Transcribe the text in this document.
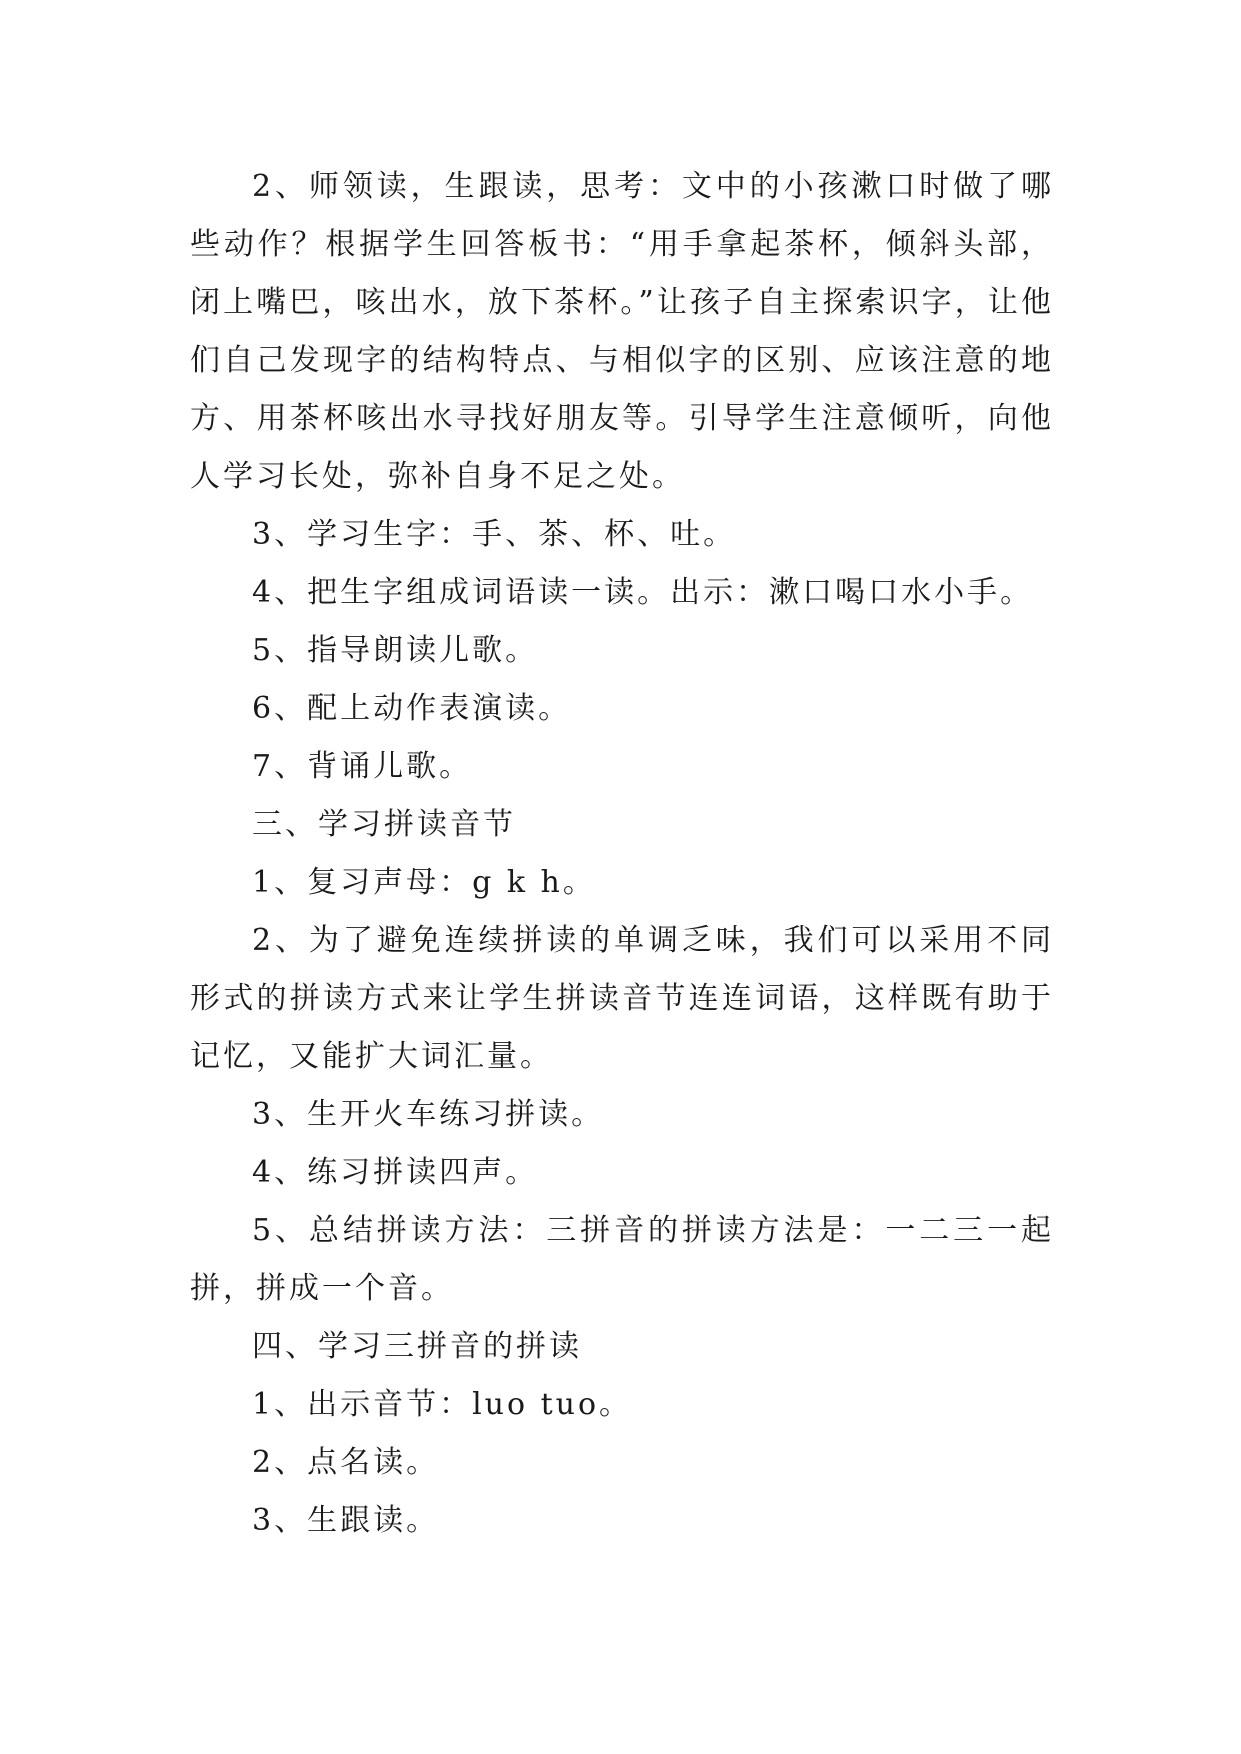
2、师领读，生跟读，思考：文中的小孩漱口时做了哪些动作？根据学生回答板书：“用手拿起茶杯，倾斜头部，闭上嘴巴，咳出水，放下茶杯。”让孩子自主探索识字，让他们自己发现字的结构特点、与相似字的区别、应该注意的地方、用茶杯咳出水寻找好朋友等。引导学生注意倾听，向他人学习长处，弥补自身不足之处。

3、学习生字：手、茶、杯、吐。

4、把生字组成词语读一读。出示：漱口喝口水小手。

5、指导朗读儿歌。

6、配上动作表演读。

7、背诵儿歌。

三、学习拼读音节

1、复习声母：g k h。

2、为了避免连续拼读的单调乏味，我们可以采用不同形式的拼读方式来让学生拼读音节连连词语，这样既有助于记忆，又能扩大词汇量。

3、生开火车练习拼读。

4、练习拼读四声。

5、总结拼读方法：三拼音的拼读方法是：一二三一起拼，拼成一个音。

四、学习三拼音的拼读

1、出示音节：luo tuo。

2、点名读。

3、生跟读。
